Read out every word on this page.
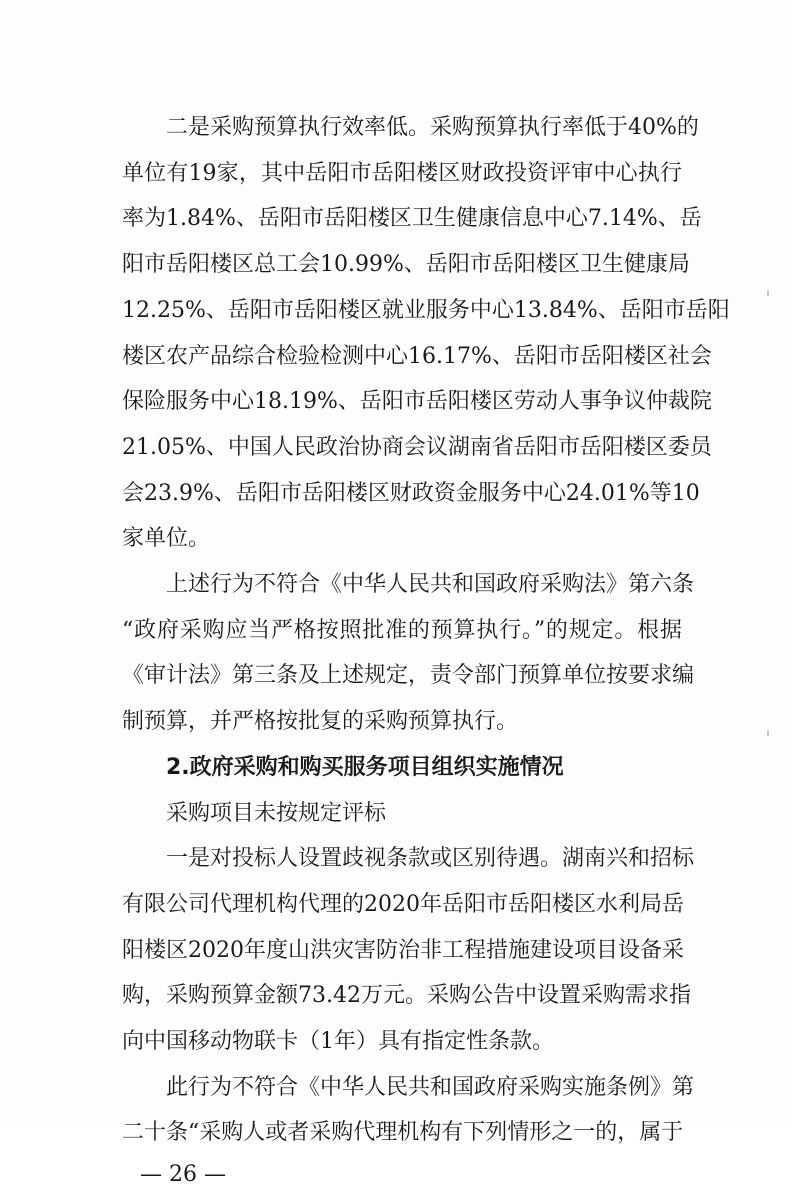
二是采购预算执行效率低。采购预算执行率低于40%的
单位有19家，其中岳阳市岳阳楼区财政投资评审中心执行
率为1.84%、岳阳市岳阳楼区卫生健康信息中心7.14%、岳
阳市岳阳楼区总工会10.99%、岳阳市岳阳楼区卫生健康局
12.25%、岳阳市岳阳楼区就业服务中心13.84%、岳阳市岳阳
楼区农产品综合检验检测中心16.17%、岳阳市岳阳楼区社会
保险服务中心18.19%、岳阳市岳阳楼区劳动人事争议仲裁院
21.05%、中国人民政治协商会议湖南省岳阳市岳阳楼区委员
会23.9%、岳阳市岳阳楼区财政资金服务中心24.01%等10
家单位。
上述行为不符合《中华人民共和国政府采购法》第六条
“政府采购应当严格按照批准的预算执行。”的规定。根据
《审计法》第三条及上述规定，责令部门预算单位按要求编
制预算，并严格按批复的采购预算执行。
2.政府采购和购买服务项目组织实施情况
采购项目未按规定评标
一是对投标人设置歧视条款或区别待遇。湖南兴和招标
有限公司代理机构代理的2020年岳阳市岳阳楼区水利局岳
阳楼区2020年度山洪灾害防治非工程措施建设项目设备采
购，采购预算金额73.42万元。采购公告中设置采购需求指
向中国移动物联卡（1年）具有指定性条款。
此行为不符合《中华人民共和国政府采购实施条例》第
二十条“采购人或者采购代理机构有下列情形之一的，属于
— 26 —
